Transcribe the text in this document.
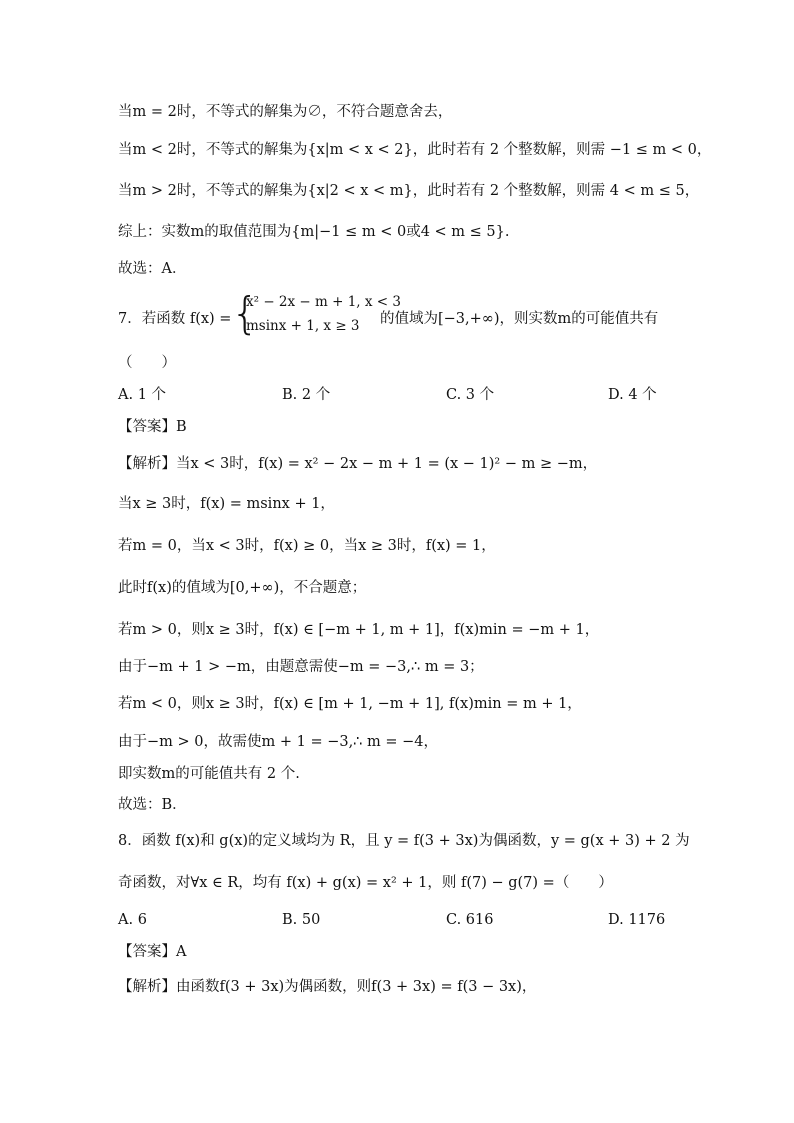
当m = 2时，不等式的解集为∅，不符合题意舍去，
当m < 2时，不等式的解集为{x|m < x < 2}，此时若有 2 个整数解，则需 −1 ≤ m < 0，
当m > 2时，不等式的解集为{x|2 < x < m}，此时若有 2 个整数解，则需 4 < m ≤ 5，
综上：实数m的取值范围为{m|−1 ≤ m < 0或4 < m ≤ 5}.
故选：A．
7．若函数 f(x) = {
x² − 2x − m + 1, x < 3
msinx + 1, x ≥ 3 的值域为[−3,+∞)，则实数m的可能值共有
（　　）
A. 1 个	B. 2 个	C. 3 个	D. 4 个
【答案】B
【解析】当x < 3时，f(x) = x² − 2x − m + 1 = (x − 1)² − m ≥ −m，
当x ≥ 3时，f(x) = msinx + 1，
若m = 0，当x < 3时，f(x) ≥ 0，当x ≥ 3时，f(x) = 1，
此时f(x)的值域为[0,+∞)，不合题意；
若m > 0，则x ≥ 3时，f(x) ∈ [−m + 1, m + 1]，f(x)min = −m + 1，
由于−m + 1 > −m，由题意需使−m = −3,∴ m = 3；
若m < 0，则x ≥ 3时，f(x) ∈ [m + 1, −m + 1], f(x)min = m + 1，
由于−m > 0，故需使m + 1 = −3,∴ m = −4，
即实数m的可能值共有 2 个.
故选：B．
8．函数 f(x)和 g(x)的定义域均为 R，且 y = f(3 + 3x)为偶函数，y = g(x + 3) + 2 为
奇函数，对∀x ∈ R，均有 f(x) + g(x) = x² + 1，则 f(7) − g(7) =（　　）
A. 6	B. 50	C. 616	D. 1176
【答案】A
【解析】由函数f(3 + 3x)为偶函数，则f(3 + 3x) = f(3 − 3x)，
